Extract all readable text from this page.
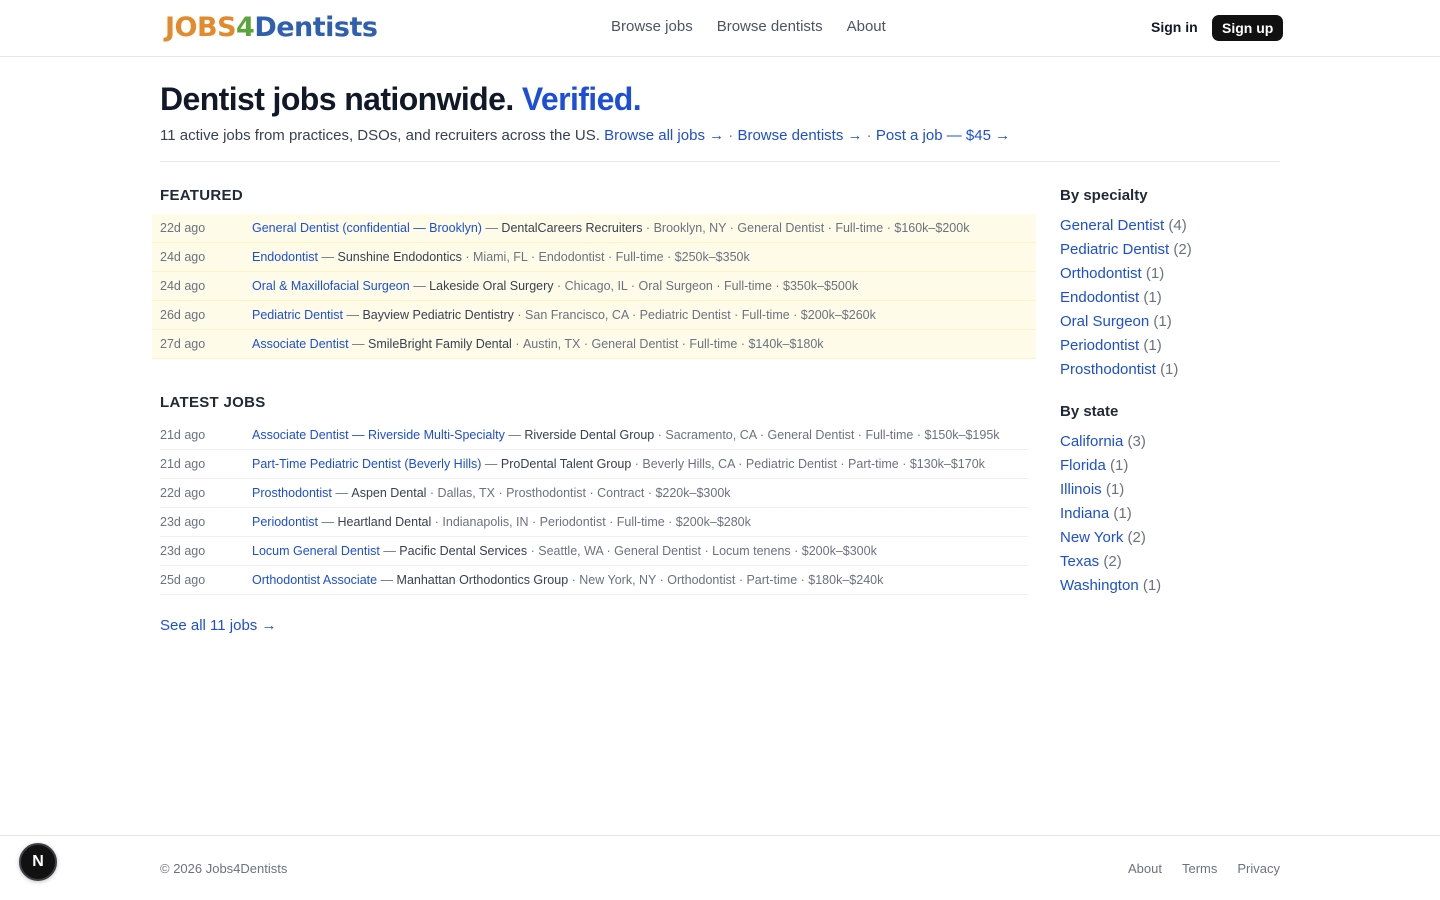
JOBS4Dentists	Browse jobs Browse dentists About	Sign in	Sign up
Dentist jobs nationwide. Verified.

11 active jobs from practices, DSOs, and recruiters across the US. Browse all jobs → · Browse dentists → · Post a job — $45 →

FEATURED
22d ago	General Dentist (confidential — Brooklyn) — DentalCareers Recruiters · Brooklyn, NY · General Dentist · Full-time · $160k–$200k
24d ago	Endodontist — Sunshine Endodontics · Miami, FL · Endodontist · Full-time · $250k–$350k
24d ago	Oral & Maxillofacial Surgeon — Lakeside Oral Surgery · Chicago, IL · Oral Surgeon · Full-time · $350k–$500k
26d ago	Pediatric Dentist — Bayview Pediatric Dentistry · San Francisco, CA · Pediatric Dentist · Full-time · $200k–$260k
27d ago	Associate Dentist — SmileBright Family Dental · Austin, TX · General Dentist · Full-time · $140k–$180k
LATEST JOBS
21d ago	Associate Dentist — Riverside Multi-Specialty — Riverside Dental Group · Sacramento, CA · General Dentist · Full-time · $150k–$195k
21d ago	Part-Time Pediatric Dentist (Beverly Hills) — ProDental Talent Group · Beverly Hills, CA · Pediatric Dentist · Part-time · $130k–$170k
22d ago	Prosthodontist — Aspen Dental · Dallas, TX · Prosthodontist · Contract · $220k–$300k
23d ago	Periodontist — Heartland Dental · Indianapolis, IN · Periodontist · Full-time · $200k–$280k
23d ago	Locum General Dentist — Pacific Dental Services · Seattle, WA · General Dentist · Locum tenens · $200k–$300k
25d ago	Orthodontist Associate — Manhattan Orthodontics Group · New York, NY · Orthodontist · Part-time · $180k–$240k
See all 11 jobs →
By specialty
General Dentist (4)
Pediatric Dentist (2)
Orthodontist (1)
Endodontist (1)
Oral Surgeon (1)
Periodontist (1)
Prosthodontist (1)
By state
California (3)
Florida (1)
Illinois (1)
Indiana (1)
New York (2)
Texas (2)
Washington (1)
© 2026 Jobs4Dentists	About Terms Privacy
N
